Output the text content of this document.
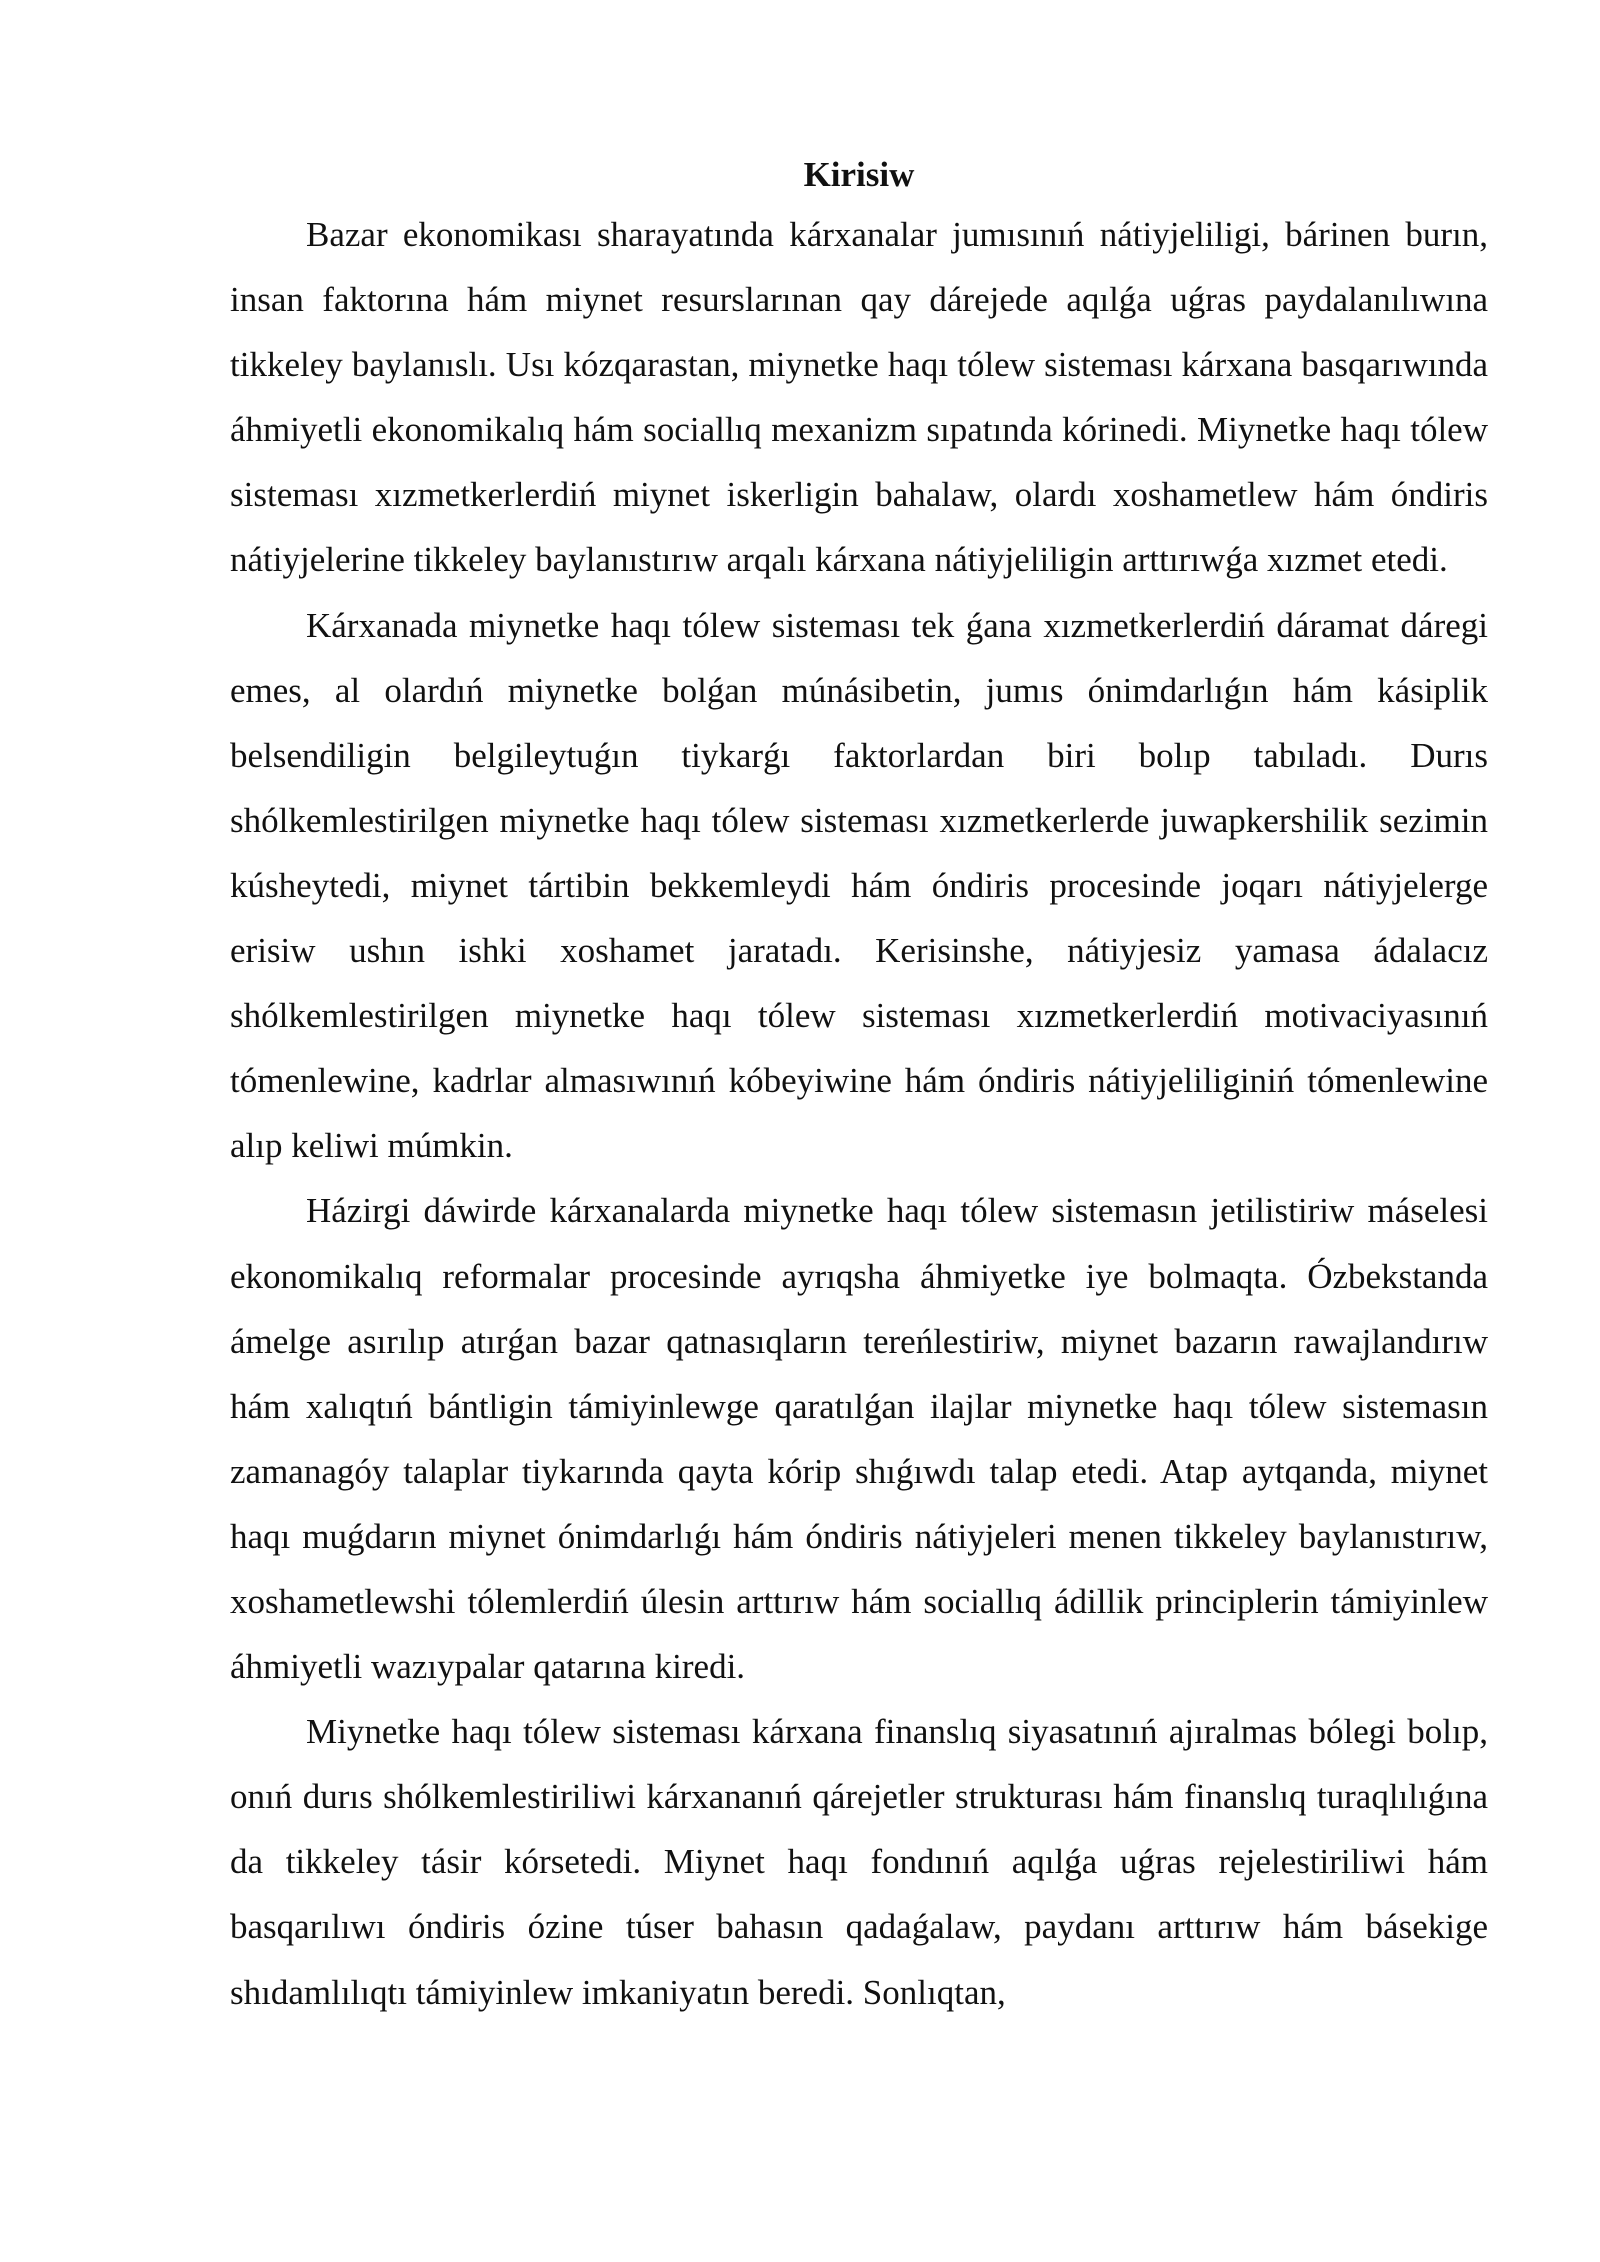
Kirisiw

Bazar ekonomikası sharayatında kárxanalar jumısınıń nátiyjeliligi, bárinen burın, insan faktorına hám miynet resurslarınan qay dárejede aqılǵa uǵras paydalanılıwına tikkeley baylanıslı. Usı kózqarastan, miynetke haqı tólew sisteması kárxana basqarıwında áhmiyetli ekonomikalıq hám sociallıq mexanizm sıpatında kórinedi. Miynetke haqı tólew sisteması xızmetkerlerdiń miynet iskerligin bahalaw, olardı xoshametlew hám óndiris nátiyjelerine tikkeley baylanıstırıw arqalı kárxana nátiyjeliligin arttırıwǵa xızmet etedi.

Kárxanada miynetke haqı tólew sisteması tek ǵana xızmetkerlerdiń dáramat dáregi emes, al olardıń miynetke bolǵan múnásibetin, jumıs ónimdarlıǵın hám kásiplik belsendiligin belgileytuǵın tiykarǵı faktorlardan biri bolıp tabıladı. Durıs shólkemlestirilgen miynetke haqı tólew sisteması xızmetkerlerde juwapkershilik sezimin kúsheytedi, miynet tártibin bekkemleydi hám óndiris procesinde joqarı nátiyjelerge erisiw ushın ishki xoshamet jaratadı. Kerisinshe, nátiyjesiz yamasa ádalacız shólkemlestirilgen miynetke haqı tólew sisteması xızmetkerlerdiń motivaciyasınıń tómenlewine, kadrlar almasıwınıń kóbeyiwine hám óndiris nátiyjeliliginiń tómenlewine alıp keliwi múmkin.

Házirgi dáwirde kárxanalarda miynetke haqı tólew sistemasın jetilistiriw máselesi ekonomikalıq reformalar procesinde ayrıqsha áhmiyetke iye bolmaqta. Ózbekstanda ámelge asırılıp atırǵan bazar qatnasıqların tereńlestiriw, miynet bazarın rawajlandırıw hám xalıqtıń bántligin támiyinlewge qaratılǵan ilajlar miynetke haqı tólew sistemasın zamanagóy talaplar tiykarında qayta kórip shıǵıwdı talap etedi. Atap aytqanda, miynet haqı muǵdarın miynet ónimdarlıǵı hám óndiris nátiyjeleri menen tikkeley baylanıstırıw, xoshametlewshi tólemlerdiń úlesin arttırıw hám sociallıq ádillik principlerin támiyinlew áhmiyetli wazıypalar qatarına kiredi.

Miynetke haqı tólew sisteması kárxana finanslıq siyasatınıń ajıralmas bólegi bolıp, onıń durıs shólkemlestiriliwi kárxananıń qárejetler strukturası hám finanslıq turaqlılıǵına da tikkeley tásir kórsetedi. Miynet haqı fondınıń aqılǵa uǵras rejelestiriliwi hám basqarılıwı óndiris ózine túser bahasın qadaǵalaw, paydanı arttırıw hám básekige shıdamlılıqtı támiyinlew imkaniyatın beredi. Sonlıqtan,
